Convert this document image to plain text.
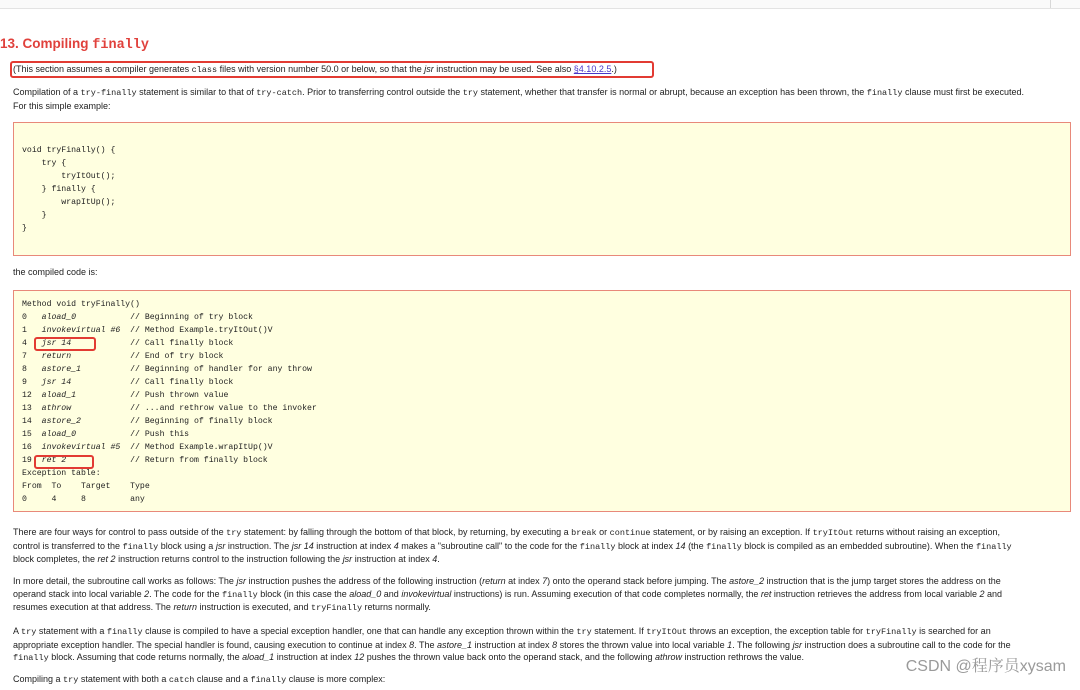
13. Compiling finally
(This section assumes a compiler generates class files with version number 50.0 or below, so that the jsr instruction may be used. See also §4.10.2.5.)

Compilation of a try-finally statement is similar to that of try-catch. Prior to transferring control outside the try statement, whether that transfer is normal or abrupt, because an exception has been thrown, the finally clause must first be executed.
For this simple example:

void tryFinally() {
try {
tryItOut();
} finally {
wrapItUp();
}
}

the compiled code is:

Method void tryFinally()
0   aload_0	// Beginning of try block
1   invokevirtual #6 // Method Example.tryItOut()V
4   jsr 14	// Call finally block
7   return	// End of try block
8   astore_1	// Beginning of handler for any throw
9   jsr 14	// Call finally block
12  aload_1	// Push thrown value
13  athrow	// ...and rethrow value to the invoker
14  astore_2	// Beginning of finally block
15  aload_0	// Push this
16  invokevirtual #5 // Method Example.wrapItUp()V
19  ret 2	// Return from finally block
Exception table:
From  To    Target    Type
0     4     8         any

There are four ways for control to pass outside of the try statement: by falling through the bottom of that block, by returning, by executing a break or continue statement, or by raising an exception. If tryItOut returns without raising an exception,
control is transferred to the finally block using a jsr instruction. The jsr 14 instruction at index 4 makes a "subroutine call" to the code for the finally block at index 14 (the finally block is compiled as an embedded subroutine). When the finally
block completes, the ret 2 instruction returns control to the instruction following the jsr instruction at index 4.

In more detail, the subroutine call works as follows: The jsr instruction pushes the address of the following instruction (return at index 7) onto the operand stack before jumping. The astore_2 instruction that is the jump target stores the address on the
operand stack into local variable 2. The code for the finally block (in this case the aload_0 and invokevirtual instructions) is run. Assuming execution of that code completes normally, the ret instruction retrieves the address from local variable 2 and
resumes execution at that address. The return instruction is executed, and tryFinally returns normally.

A try statement with a finally clause is compiled to have a special exception handler, one that can handle any exception thrown within the try statement. If tryItOut throws an exception, the exception table for tryFinally is searched for an
appropriate exception handler. The special handler is found, causing execution to continue at index 8. The astore_1 instruction at index 8 stores the thrown value into local variable 1. The following jsr instruction does a subroutine call to the code for the
finally block. Assuming that code returns normally, the aload_1 instruction at index 12 pushes the thrown value back onto the operand stack, and the following athrow instruction rethrows the value.

Compiling a try statement with both a catch clause and a finally clause is more complex:

CSDN @程序员xysam
